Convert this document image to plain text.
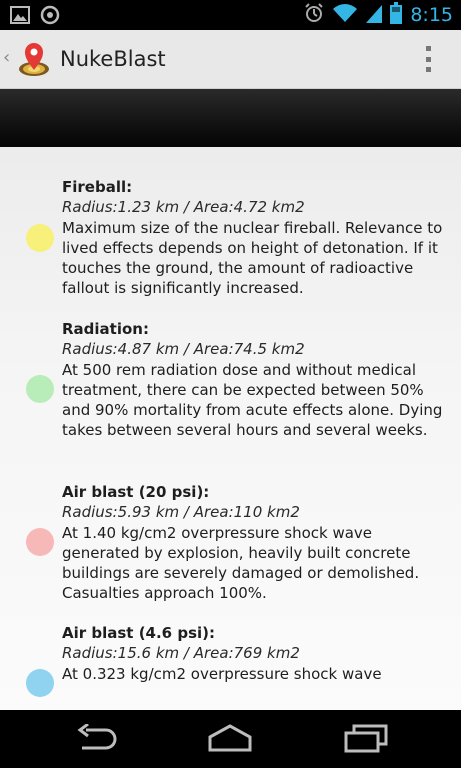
8:15
‹ NukeBlast
Fireball:
Radius:1.23 km / Area:4.72 km2
Maximum size of the nuclear fireball. Relevance to lived effects depends on height of detonation. If it touches the ground, the amount of radioactive fallout is significantly increased.
Radiation:
Radius:4.87 km / Area:74.5 km2
At 500 rem radiation dose and without medical treatment, there can be expected between 50% and 90% mortality from acute effects alone. Dying takes between several hours and several weeks.
Air blast (20 psi):
Radius:5.93 km / Area:110 km2
At 1.40 kg/cm2 overpressure shock wave generated by explosion, heavily built concrete buildings are severely damaged or demolished. Casualties approach 100%.
Air blast (4.6 psi):
Radius:15.6 km / Area:769 km2
At 0.323 kg/cm2 overpressure shock wave
